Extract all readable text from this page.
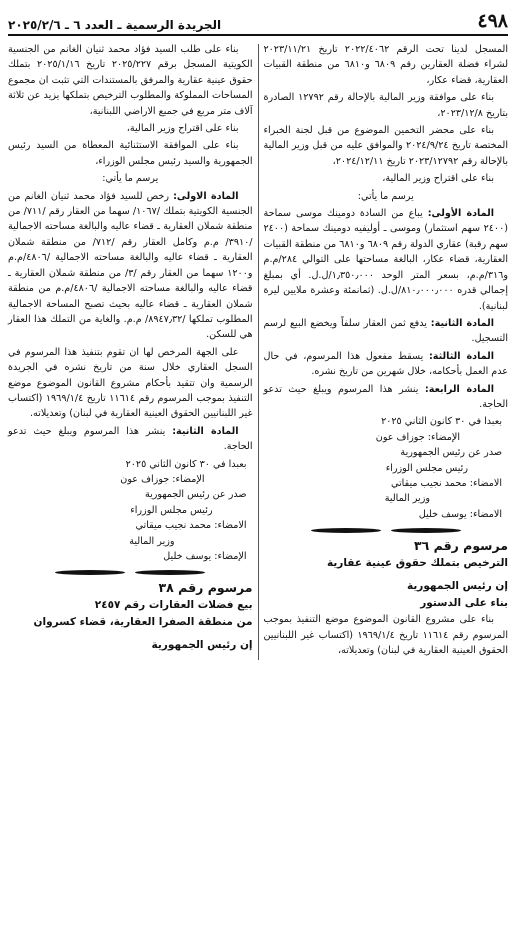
٤٩٨
الجريدة الرسمية ـ العدد ٦ ـ ٢٠٢٥/٢/٦

المسجل لدينا تحت الرقم ٢٠٢٢/٤٠٦٢ تاريخ ٢٠٢٣/١١/٢١ لشراء فضلة العقارين رقم ٦٨٠٩ و٦٨١٠ من منطقة القبيات العقارية، قضاء عكار،

بناء على موافقة وزير المالية بالإحالة رقم ١٢٧٩٢ الصادرة بتاريخ ٢٠٢٣/١٢/٨،

بناء على محضر التخمين الموضوع من قبل لجنة الخبراء المختصة تاريخ ٢٠٢٤/٩/٢٤ والموافق عليه من قبل وزير المالية بالإحالة رقم ٢٠٢٣/١٢٧٩٢ تاريخ ٢٠٢٤/١٢/١١،

بناء على اقتراح وزير المالية،

يرسم ما يأتي:

المادة الأولى: يباع من السادة دومينك موسى سماحة (٢٤٠٠ سهم استثمار) وموسى ـ أوليفيه دومينك سماحة (٢٤٠٠ سهم رقبة) عقاري الدولة رقم ٦٨٠٩ و٦٨١٠ من منطقة القبيات العقارية، قضاء عكار، البالغة مساحتها على التوالي ٢٨٤/م.م و٣١٦/م.م، بسعر المتر الوحد ١٫٣٥٠٫٠٠٠/ل.ل. أي بمبلغ إجمالي قدره ٨١٠٫٠٠٠٫٠٠٠/ل.ل. (ثمانمئة وعشرة ملايين ليرة لبنانية).

المادة الثانية: يدفع ثمن العقار سلفاً ويخضع البيع لرسم التسجيل.

المادة الثالثة: يسقط مفعول هذا المرسوم، في حال عدم العمل بأحكامه، خلال شهرين من تاريخ نشره.

المادة الرابعة: ينشر هذا المرسوم ويبلغ حيث تدعو الحاجة.

بعبدا في ٣٠ كانون الثاني ٢٠٢٥
الإمضاء: جوزاف عون
صدر عن رئيس الجمهورية
رئيس مجلس الوزراء
الامضاء: محمد نجيب ميقاتي
وزير المالية
الامضاء: يوسف خليل

مرسوم رقم ٣٦

الترخيص بتملك حقوق عينية عقارية

إن رئيس الجمهورية

بناء على الدستور

بناء على مشروع القانون الموضوع موضع التنفيذ بموجب المرسوم رقم ١١٦١٤ تاريخ ١٩٦٩/١/٤ (اكتساب غير اللبنانيين الحقوق العينية العقارية في لبنان) وتعديلاته،

بناء على طلب السيد فؤاد محمد ثنيان الغانم من الجنسية الكويتية المسجل برقم ٢٠٢٥/٢٢٧ تاريخ ٢٠٢٥/١/١٦ بتملك حقوق عينية عقارية والمرفق بالمستندات التي تثبت ان مجموع المساحات المملوكة والمطلوب الترخيص بتملكها يزيد عن ثلاثة آلاف متر مربع في جميع الاراضي اللبنانية،

بناء على اقتراح وزير المالية،

بناء على الموافقة الاستثنائية المعطاة من السيد رئيس الجمهورية والسيد رئيس مجلس الوزراء،

يرسم ما يأتي:

المادة الاولى: رخص للسيد فؤاد محمد ثنيان الغانم من الجنسية الكويتية بتملك /١٠٦٧/ سهما من العقار رقم /٧١١/ من منطقة شملان العقارية ـ قضاء عاليه والبالغة مساحته الاجمالية /٣٩١٠/ م.م وكامل العقار رقم /٧١٢/ من منطقة شملان العقارية ـ قضاء عاليه والبالغة مساحته الاجمالية /٤٨٠٦/م.م و١٢٠٠ سهما من العقار رقم /٣/ من منطقة شملان العقارية ـ قضاء عاليه والبالغة مساحته الاجمالية /٤٨٠٦/م.م من منطقة شملان العقارية ـ قضاء عاليه بحيث تصبح المساحة الاجمالية المطلوب تملكها /٨٩٤٧٫٣٢/ م.م. والغاية من التملك هذا العقار هي للسكن.

على الجهة المرخص لها ان تقوم بتنفيذ هذا المرسوم في السجل العقاري خلال سنة من تاريخ نشره في الجريدة الرسمية وان تتقيد بأحكام مشروع القانون الموضوع موضع التنفيذ بموجب المرسوم رقم ١١٦١٤ تاريخ ١٩٦٩/١/٤ (اكتساب غير اللبنانيين الحقوق العينية العقارية في لبنان) وتعديلاته.

المادة الثانية: ينشر هذا المرسوم ويبلغ حيث تدعو الحاجة.

بعبدا في ٣٠ كانون الثاني ٢٠٢٥
الإمضاء: جوزاف عون
صدر عن رئيس الجمهورية
رئيس مجلس الوزراء
الامضاء: محمد نجيب ميقاتي
وزير المالية
الإمضاء: يوسف خليل

مرسوم رقم ٣٨

بيع فضلات العقارات رقم ٢٤٥٧

من منطقة الصفرا العقارية، قضاء كسروان

إن رئيس الجمهورية
